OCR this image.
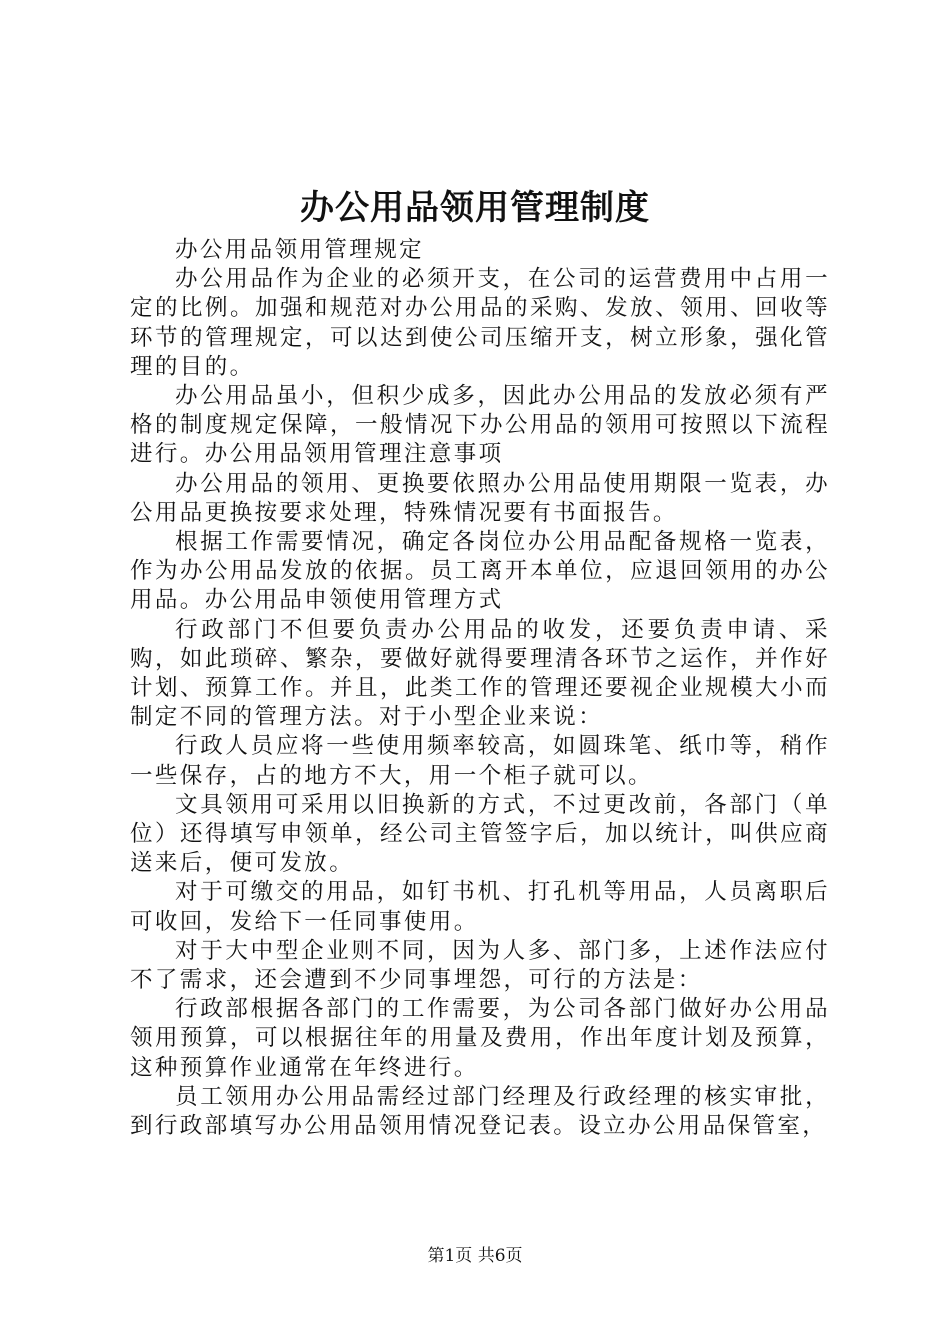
办公用品领用管理制度

办公用品领用管理规定

办公用品作为企业的必须开支，在公司的运营费用中占用一定的比例。加强和规范对办公用品的采购、发放、领用、回收等环节的管理规定，可以达到使公司压缩开支，树立形象，强化管理的目的。

办公用品虽小，但积少成多，因此办公用品的发放必须有严格的制度规定保障，一般情况下办公用品的领用可按照以下流程进行。办公用品领用管理注意事项

办公用品的领用、更换要依照办公用品使用期限一览表，办公用品更换按要求处理，特殊情况要有书面报告。

根据工作需要情况，确定各岗位办公用品配备规格一览表，作为办公用品发放的依据。员工离开本单位，应退回领用的办公用品。办公用品申领使用管理方式

行政部门不但要负责办公用品的收发，还要负责申请、采购，如此琐碎、繁杂，要做好就得要理清各环节之运作，并作好计划、预算工作。并且，此类工作的管理还要视企业规模大小而制定不同的管理方法。对于小型企业来说：

行政人员应将一些使用频率较高，如圆珠笔、纸巾等，稍作一些保存，占的地方不大，用一个柜子就可以。

文具领用可采用以旧换新的方式，不过更改前，各部门（单位）还得填写申领单，经公司主管签字后，加以统计，叫供应商送来后，便可发放。

对于可缴交的用品，如钉书机、打孔机等用品，人员离职后可收回，发给下一任同事使用。

对于大中型企业则不同，因为人多、部门多，上述作法应付不了需求，还会遭到不少同事埋怨，可行的方法是：

行政部根据各部门的工作需要，为公司各部门做好办公用品领用预算，可以根据往年的用量及费用，作出年度计划及预算，这种预算作业通常在年终进行。

员工领用办公用品需经过部门经理及行政经理的核实审批，到行政部填写办公用品领用情况登记表。设立办公用品保管室，

第1页 共6页
